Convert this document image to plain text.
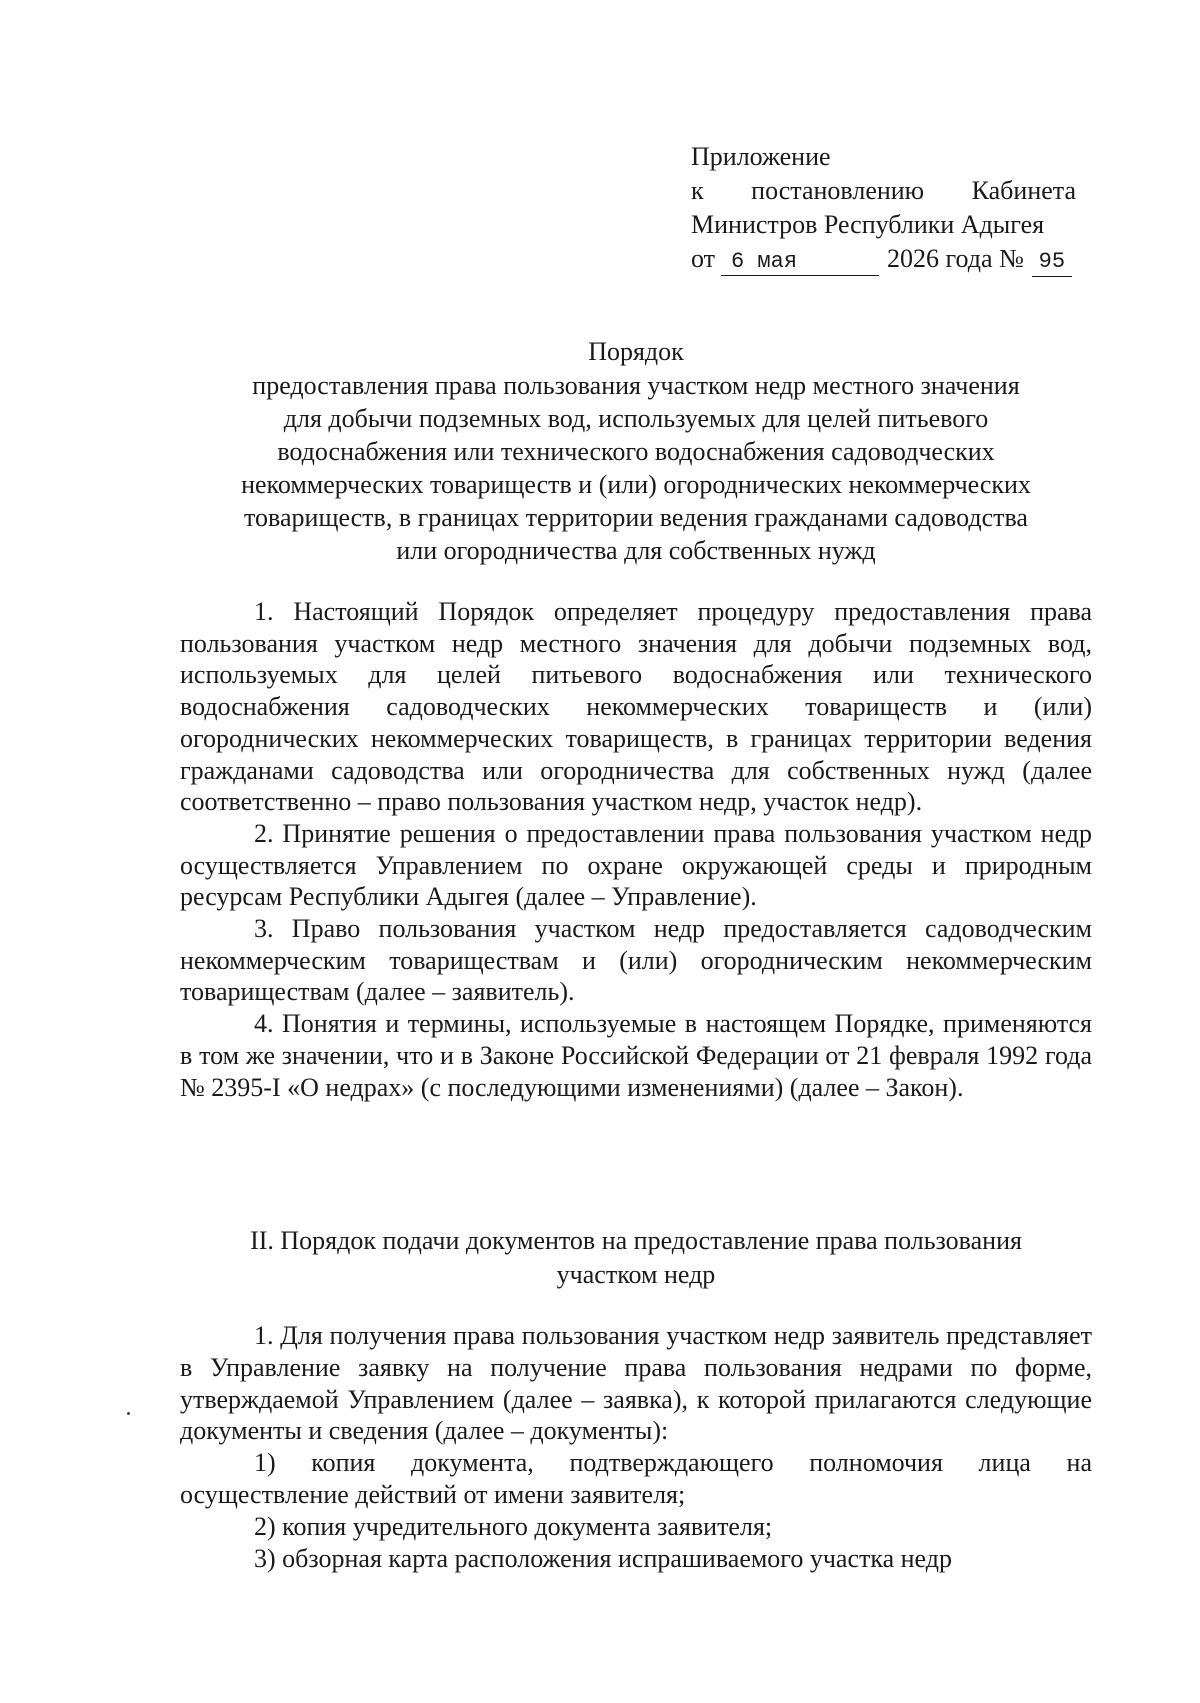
Приложение
к постановлению Кабинета
Министров Республики Адыгея
от 6 мая	2026 года № 95
Порядок
предоставления права пользования участком недр местного значения
для добычи подземных вод, используемых для целей питьевого
водоснабжения или технического водоснабжения садоводческих
некоммерческих товариществ и (или) огороднических некоммерческих
товариществ, в границах территории ведения гражданами садоводства
или огородничества для собственных нужд

1. Настоящий Порядок определяет процедуру предоставления права пользования участком недр местного значения для добычи подземных вод, используемых для целей питьевого водоснабжения или технического водоснабжения садоводческих некоммерческих товариществ и (или) огороднических некоммерческих товариществ, в границах территории ведения гражданами садоводства или огородничества для собственных нужд (далее соответственно – право пользования участком недр, участок недр).

2. Принятие решения о предоставлении права пользования участком недр осуществляется Управлением по охране окружающей среды и природным ресурсам Республики Адыгея (далее – Управление).

3. Право пользования участком недр предоставляется садоводческим некоммерческим товариществам и (или) огородническим некоммерческим товариществам (далее – заявитель).

4. Понятия и термины, используемые в настоящем Порядке, применяются в том же значении, что и в Законе Российской Федерации от 21 февраля 1992 года № 2395-I «О недрах» (с последующими изменениями) (далее – Закон).

II. Порядок подачи документов на предоставление права пользования
участком недр

1. Для получения права пользования участком недр заявитель представляет в Управление заявку на получение права пользования недрами по форме, утверждаемой Управлением (далее – заявка), к которой прилагаются следующие документы и сведения (далее – документы):

1) копия документа, подтверждающего полномочия лица на осуществление действий от имени заявителя;

2) копия учредительного документа заявителя;

3) обзорная карта расположения испрашиваемого участка недр
